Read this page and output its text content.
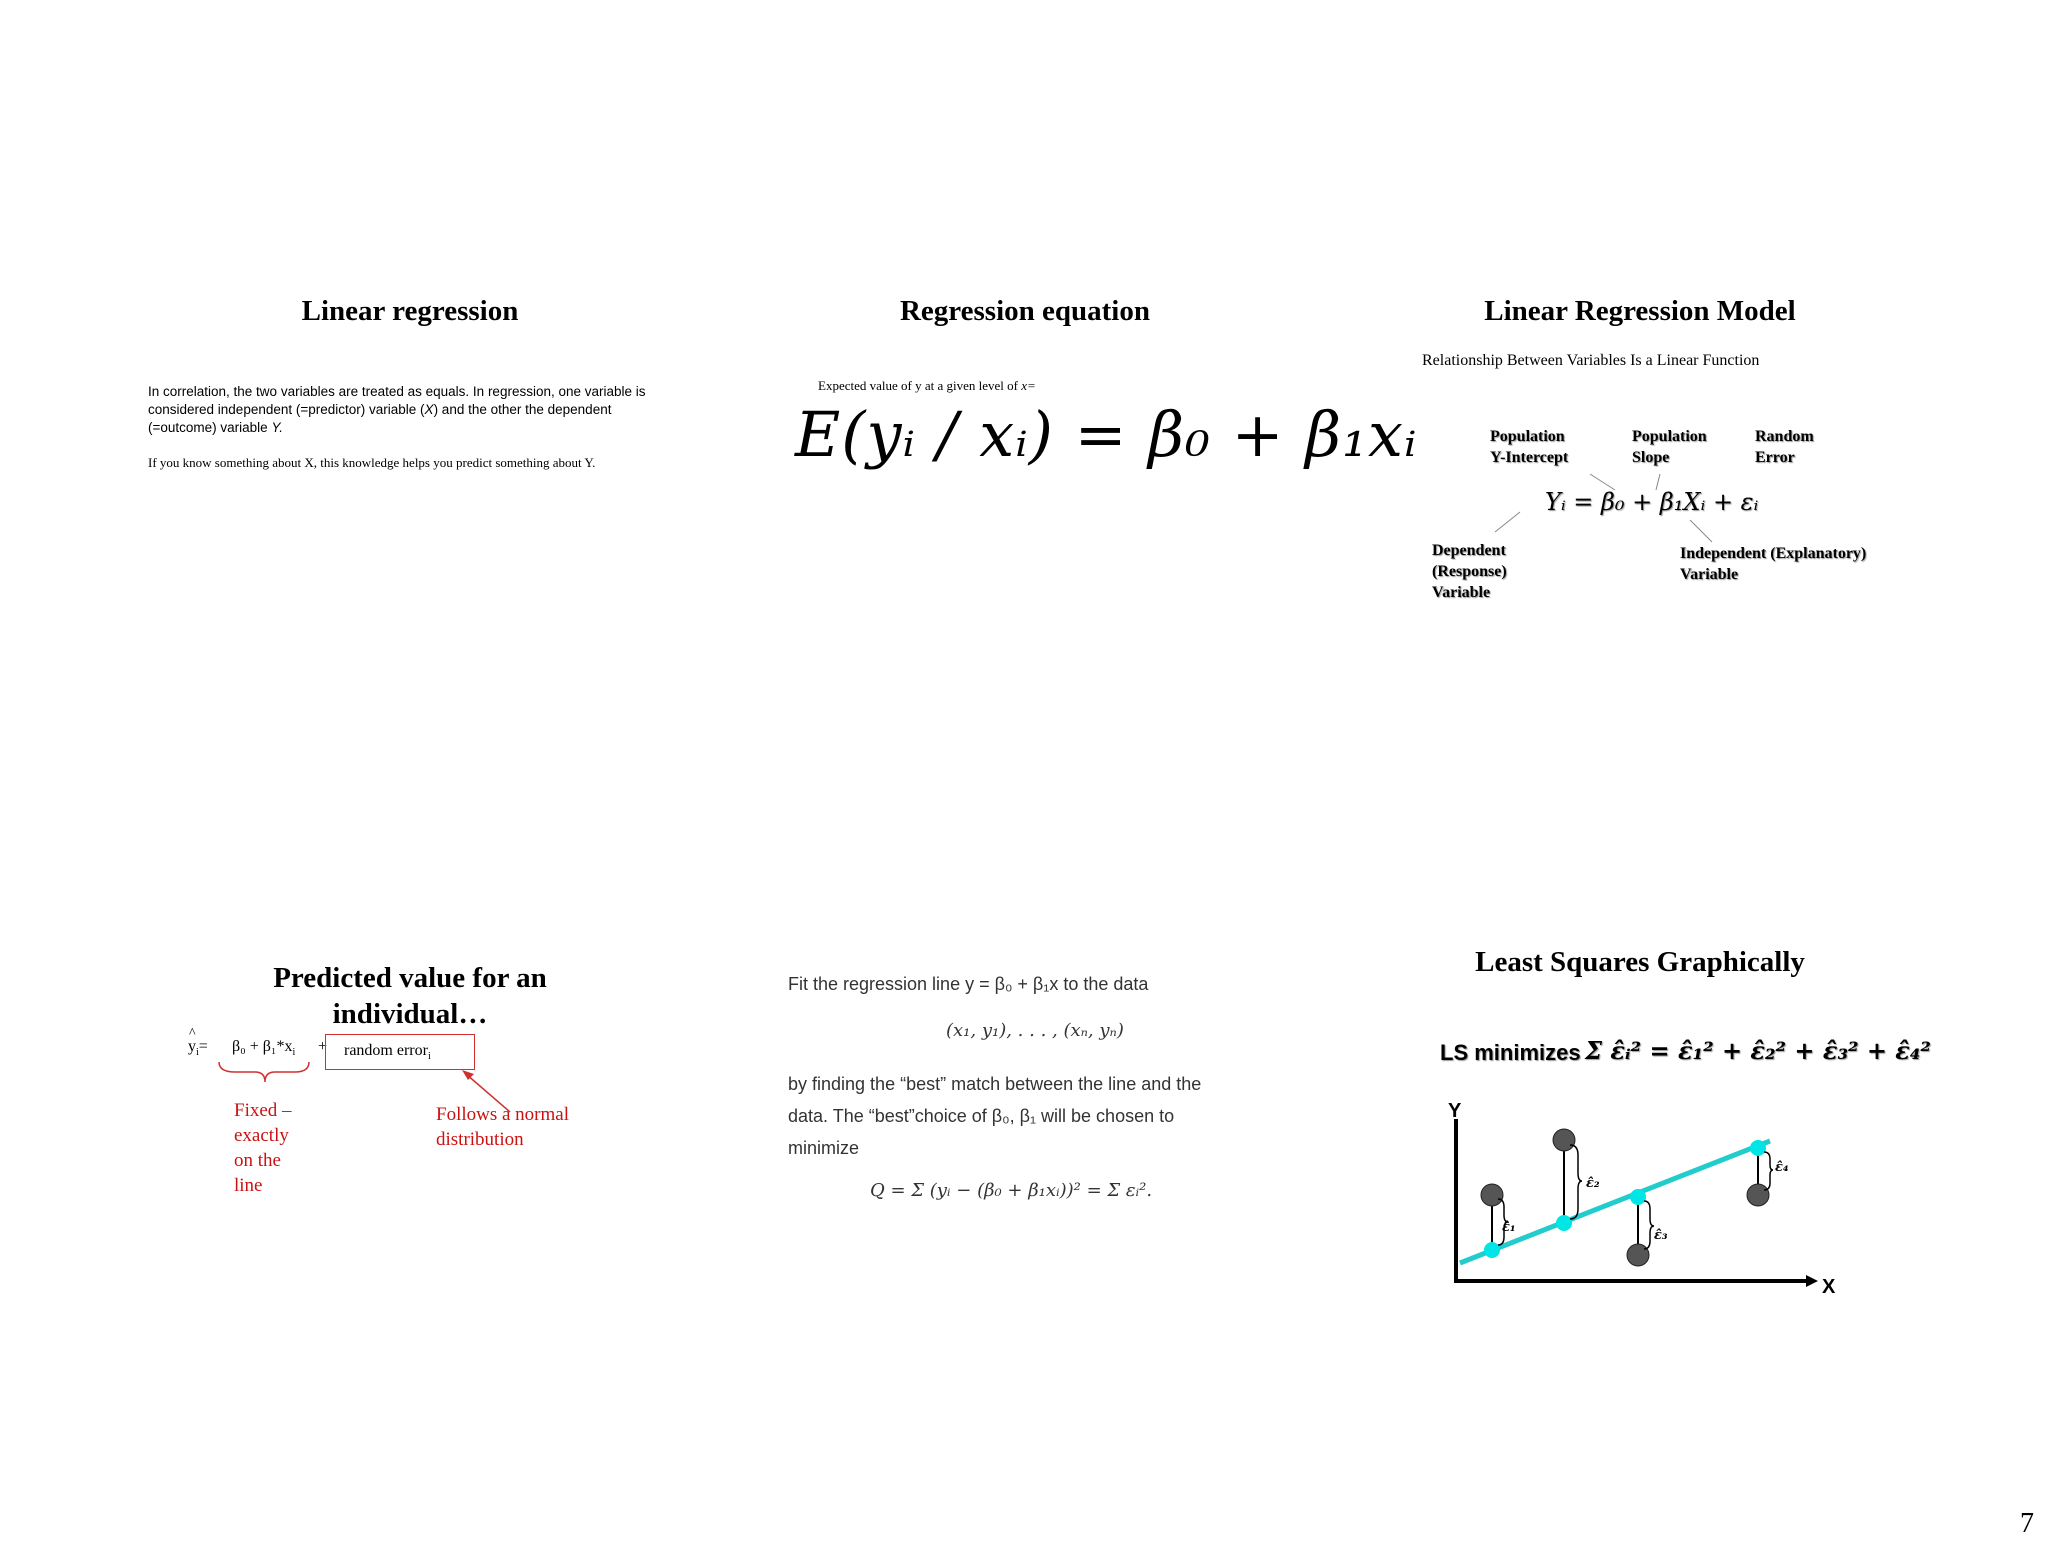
7
Linear regression
In correlation, the two variables are treated as equals. In regression, one variable is considered independent (=predictor) variable (X) and the other the dependent (=outcome) variable Y.
If you know something about X, this knowledge helps you predict something about Y.
Regression equation
Expected value of y at a given level of x=
E(yᵢ / xᵢ) = β₀ + β₁xᵢ
Linear Regression Model
Relationship Between Variables Is a Linear Function
Population
Y-Intercept
Population
Slope
Random
Error
Yᵢ = β₀ + β₁Xᵢ + εᵢ
Dependent
(Response)
Variable
Independent (Explanatory)
Variable
Predicted value for an
individual…
^
$y_i= \beta_0 + \beta_1*x_i$ +	random error$_i$
Fixed –
exactly
on the
line
Follows a normal
distribution
Fit the regression line y = β₀ + β₁x to the data
(x₁, y₁), . . . , (xₙ, yₙ)
by finding the “best” match between the line and the
data. The “best”choice of β₀, β₁ will be chosen to
minimize
Q = Σ (yᵢ − (β₀ + β₁xᵢ))² = Σ εᵢ².
Least Squares Graphically
LS minimizes Σ ε̂ᵢ² = ε̂₁² + ε̂₂² + ε̂₃² + ε̂₄²
Y
X
ε̂₁
ε̂₂
ε̂₃
ε̂₄
